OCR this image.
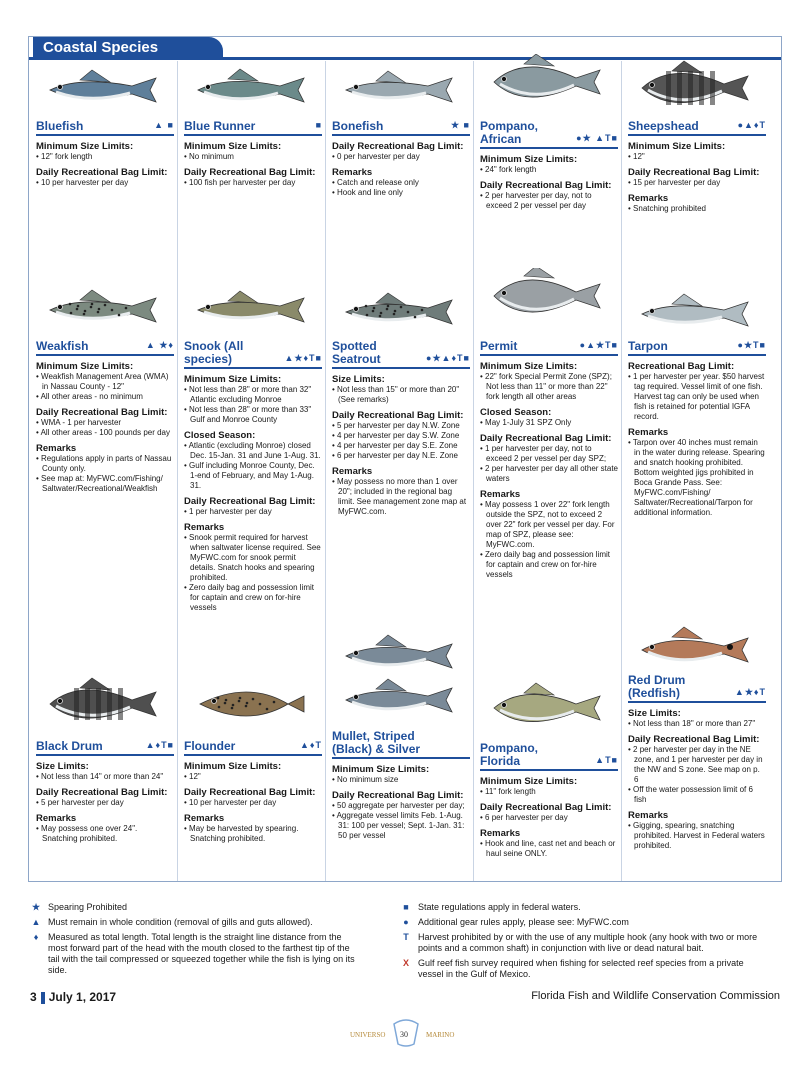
Coastal Species
Bluefish	▲ ■
Minimum Size Limits:
• 12" fork length
Daily Recreational Bag Limit:
• 10 per harvester per day
Blue Runner	■
Minimum Size Limits:
• No minimum
Daily Recreational Bag Limit:
• 100 fish per harvester per day
Bonefish	★ ■
Daily Recreational Bag Limit:
• 0 per harvester per day
Remarks
• Catch and release only
• Hook and line only
Pompano, African	●★ ▲T■
Minimum Size Limits:
• 24" fork length
Daily Recreational Bag Limit:
• 2 per harvester per day, not to exceed 2 per vessel per day
Sheepshead	●▲♦T
Minimum Size Limits:
• 12"
Daily Recreational Bag Limit:
• 15 per harvester per day
Remarks
• Snatching prohibited
Weakfish	▲ ★♦
Minimum Size Limits:
• Weakfish Management Area (WMA) in Nassau County - 12"
• All other areas - no minimum
Daily Recreational Bag Limit:
• WMA - 1 per harvester
• All other areas - 100 pounds per day
Remarks
• Regulations apply in parts of Nassau County only.
• See map at: MyFWC.com/Fishing/ Saltwater/Recreational/Weakfish
Snook (All species)	▲★♦T■
Minimum Size Limits:
• Not less than 28" or more than 32" Atlantic excluding Monroe
• Not less than 28" or more than 33" Gulf and Monroe County
Closed Season:
• Atlantic (excluding Monroe) closed Dec. 15-Jan. 31 and June 1-Aug. 31.
• Gulf including Monroe County, Dec. 1-end of February, and May 1-Aug. 31.
Daily Recreational Bag Limit:
• 1 per harvester per day
Remarks
• Snook permit required for harvest when saltwater license required. See MyFWC.com for snook permit details. Snatch hooks and spearing prohibited.
• Zero daily bag and possession limit for captain and crew on for-hire vessels
Spotted Seatrout	●★▲♦T■
Size Limits:
• Not less than 15" or more than 20" (See remarks)
Daily Recreational Bag Limit:
• 5 per harvester per day N.W. Zone
• 4 per harvester per day S.W. Zone
• 4 per harvester per day S.E. Zone
• 6 per harvester per day N.E. Zone
Remarks
• May possess no more than 1 over 20"; included in the regional bag limit. See management zone map at MyFWC.com.
Permit	●▲★T■
Minimum Size Limits:
• 22" fork Special Permit Zone (SPZ); Not less than 11" or more than 22" fork length all other areas
Closed Season:
• May 1-July 31 SPZ Only
Daily Recreational Bag Limit:
• 1 per harvester per day, not to exceed 2 per vessel per day SPZ;
• 2 per harvester per day all other state waters
Remarks
• May possess 1 over 22" fork length outside the SPZ, not to exceed 2 over 22" fork per vessel per day. For map of SPZ, please see: MyFWC.com.
• Zero daily bag and possession limit for captain and crew on for-hire vessels
Tarpon	●★T■
Recreational Bag Limit:
• 1 per harvester per year. $50 harvest tag required. Vessel limit of one fish. Harvest tag can only be used when fish is retained for potential IGFA record.
Remarks
• Tarpon over 40 inches must remain in the water during release. Spearing and snatch hooking prohibited. Bottom weighted jigs prohibited in Boca Grande Pass. See: MyFWC.com/Fishing/ Saltwater/Recreational/Tarpon for additional information.
Black Drum	▲♦T■
Size Limits:
• Not less than 14" or more than 24"
Daily Recreational Bag Limit:
• 5 per harvester per day
Remarks
• May possess one over 24". Snatching prohibited.
Flounder	▲♦T
Minimum Size Limits:
• 12"
Daily Recreational Bag Limit:
• 10 per harvester per day
Remarks
• May be harvested by spearing. Snatching prohibited.
Mullet, Striped (Black) & Silver
Minimum Size Limits:
• No minimum size
Daily Recreational Bag Limit:
• 50 aggregate per harvester per day;
• Aggregate vessel limits Feb. 1-Aug. 31: 100 per vessel; Sept. 1-Jan. 31: 50 per vessel
Pompano, Florida	▲T■
Minimum Size Limits:
• 11" fork length
Daily Recreational Bag Limit:
• 6 per harvester per day
Remarks
• Hook and line, cast net and beach or haul seine ONLY.
Red Drum (Redfish)	▲★♦T
Size Limits:
• Not less than 18" or more than 27"
Daily Recreational Bag Limit:
• 2 per harvester per day in the NE zone, and 1 per harvester per day in the NW and S zone. See map on p. 6
• Off the water possession limit of 6 fish
Remarks
• Gigging, spearing, snatching prohibited. Harvest in Federal waters prohibited.
★ Spearing Prohibited
▲ Must remain in whole condition (removal of gills and guts allowed).
♦	Measured as total length. Total length is the straight line distance from the most forward part of the head with the mouth closed to the farthest tip of the tail with the tail compressed or squeezed together while the fish is lying on its side.
■	State regulations apply in federal waters.
●	Additional gear rules apply, please see: MyFWC.com
T	Harvest prohibited by or with the use of any multiple hook (any hook with two or more points and a common shaft) in conjunction with live or dead natural bait.
X	Gulf reef fish survey required when fishing for selected reef species from a private vessel in the Gulf of Mexico.
3 July 1, 2017	Florida Fish and Wildlife Conservation Commission
UNIVERSO	MARINO
30
